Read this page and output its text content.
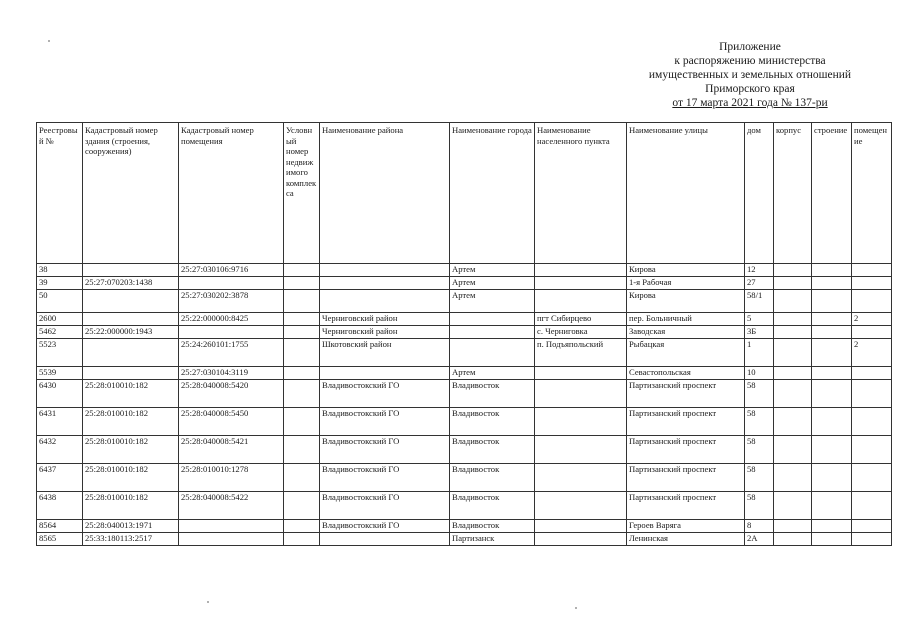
Приложение
к распоряжению министерства
имущественных и земельных отношений
Приморского края
от 17 марта 2021 года № 137-ри
Реестровый №	Кадастровый номер здания (строения, сооружения)	Кадастровый номер помещения	Условный номер недвижимого комплекса	Наименование района	Наименование города	Наименование населенного пункта	Наименование улицы	дом	корпус	строение	помещение
38		25:27:030106:9716			Артем		Кирова	12			
39	25:27:070203:1438				Артем		1-я Рабочая	27			
50		25:27:030202:3878			Артем		Кирова	58/1			
2600		25:22:000000:8425		Черниговский район		пгт Сибирцево	пер. Больничный	5			2
5462	25:22:000000:1943			Черниговский район		с. Черниговка	Заводская	3Б			
5523		25:24:260101:1755		Шкотовский район		п. Подъяпольский	Рыбацкая	1			2
5539		25:27:030104:3119			Артем		Севастопольская	10			
6430	25:28:010010:182	25:28:040008:5420		Владивостокский ГО	Владивосток		Партизанский проспект	58			
6431	25:28:010010:182	25:28:040008:5450		Владивостокский ГО	Владивосток		Партизанский проспект	58			
6432	25:28:010010:182	25:28:040008:5421		Владивостокский ГО	Владивосток		Партизанский проспект	58			
6437	25:28:010010:182	25:28:010010:1278		Владивостокский ГО	Владивосток		Партизанский проспект	58			
6438	25:28:010010:182	25:28:040008:5422		Владивостокский ГО	Владивосток		Партизанский проспект	58			
8564	25:28:040013:1971			Владивостокский ГО	Владивосток		Героев Варяга	8			
8565	25:33:180113:2517				Партизанск		Ленинская	2А			
